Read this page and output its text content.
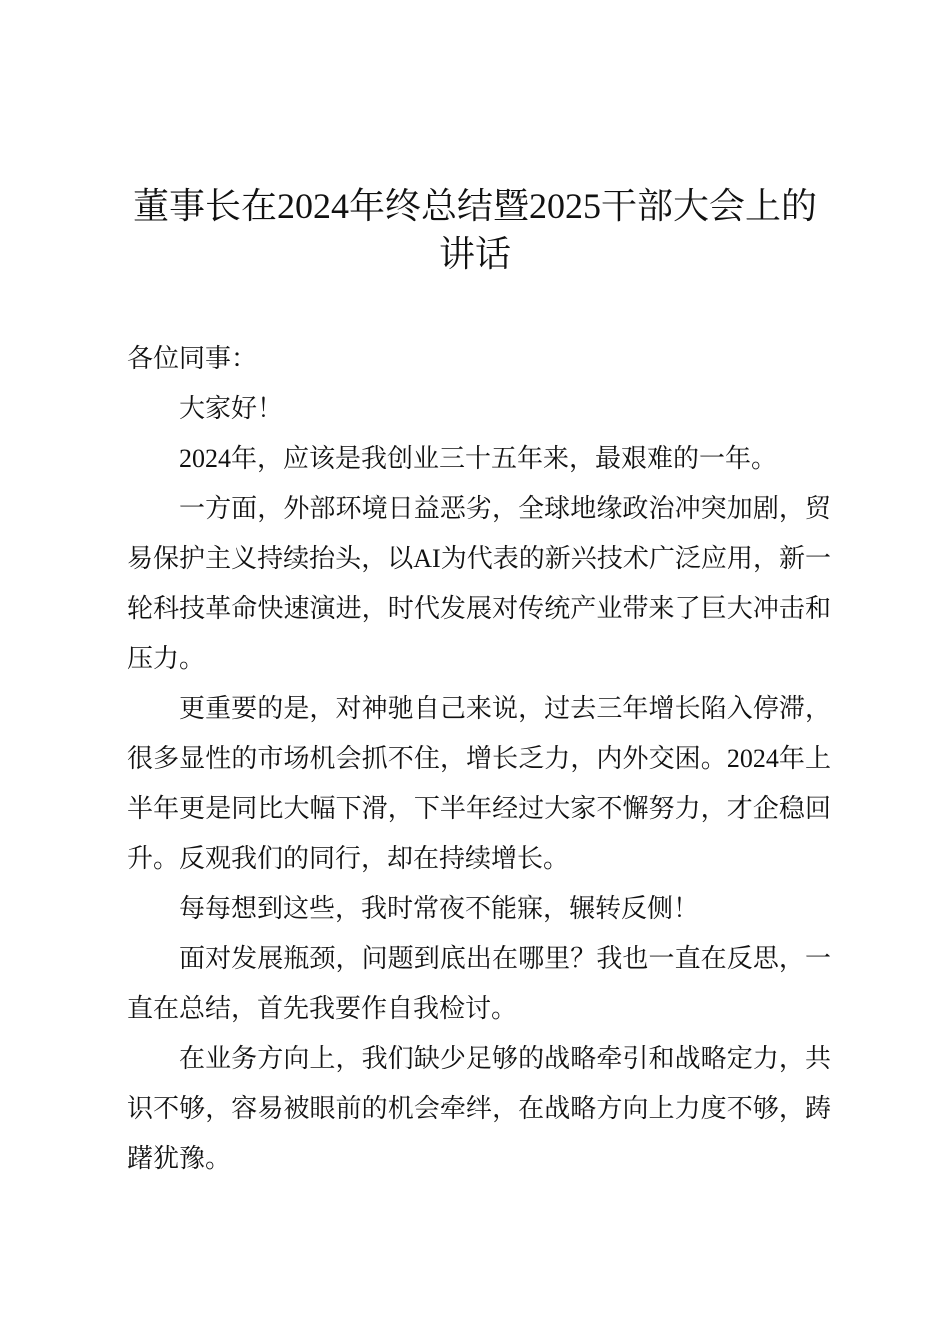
董事长在2024年终总结暨2025干部大会上的
讲话
各位同事：
大家好！
2024年，应该是我创业三十五年来，最艰难的一年。
一方面，外部环境日益恶劣，全球地缘政治冲突加剧，贸
易保护主义持续抬头，以AI为代表的新兴技术广泛应用，新一
轮科技革命快速演进，时代发展对传统产业带来了巨大冲击和
压力。
更重要的是，对神驰自己来说，过去三年增长陷入停滞，
很多显性的市场机会抓不住，增长乏力，内外交困。2024年上
半年更是同比大幅下滑，下半年经过大家不懈努力，才企稳回
升。反观我们的同行，却在持续增长。
每每想到这些，我时常夜不能寐，辗转反侧！
面对发展瓶颈，问题到底出在哪里？我也一直在反思，一
直在总结，首先我要作自我检讨。
在业务方向上，我们缺少足够的战略牵引和战略定力，共
识不够，容易被眼前的机会牵绊，在战略方向上力度不够，踌
躇犹豫。
